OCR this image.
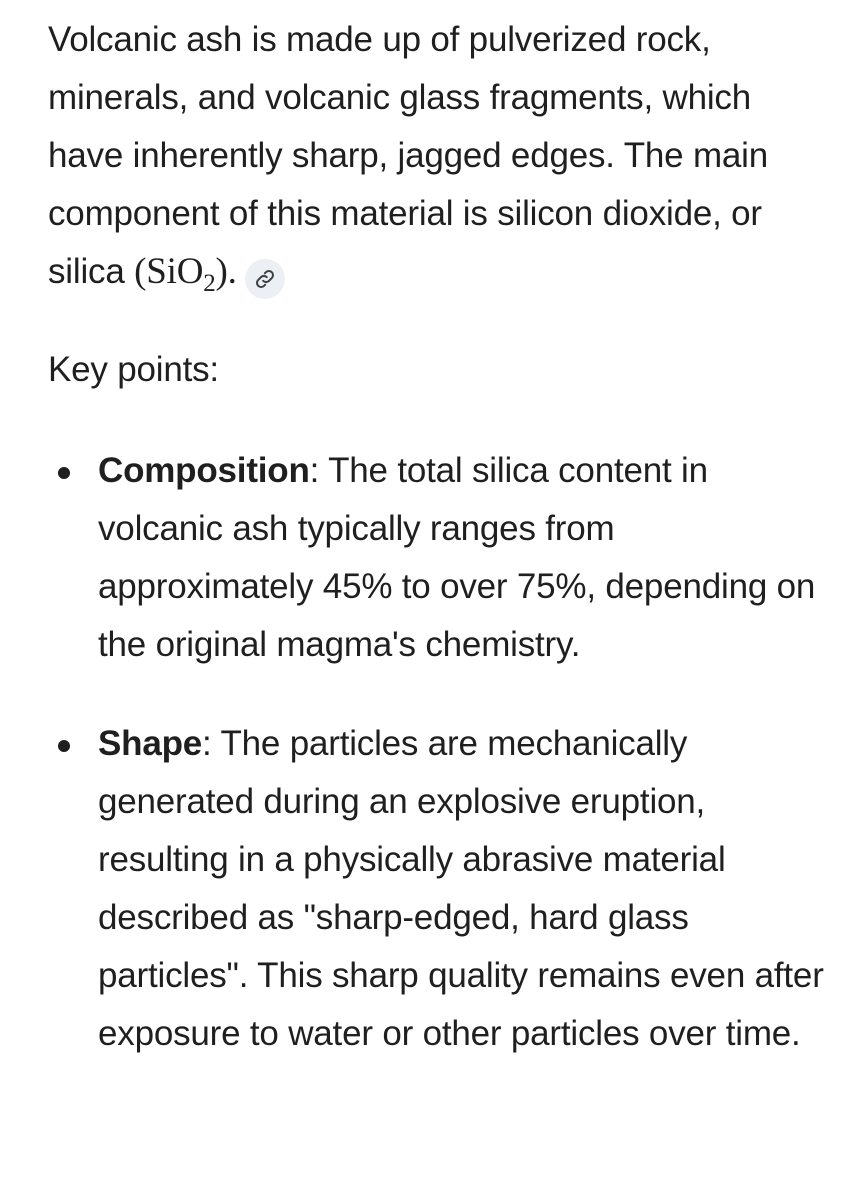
Volcanic ash is made up of pulverized rock, minerals, and volcanic glass fragments, which have inherently sharp, jagged edges. The main component of this material is silicon dioxide, or silica (SiO$_2$).

Key points:

Composition: The total silica content in volcanic ash typically ranges from approximately 45% to over 75%, depending on the original magma's chemistry.
Shape: The particles are mechanically generated during an explosive eruption, resulting in a physically abrasive material described as "sharp-edged, hard glass particles". This sharp quality remains even after exposure to water or other particles over time.
